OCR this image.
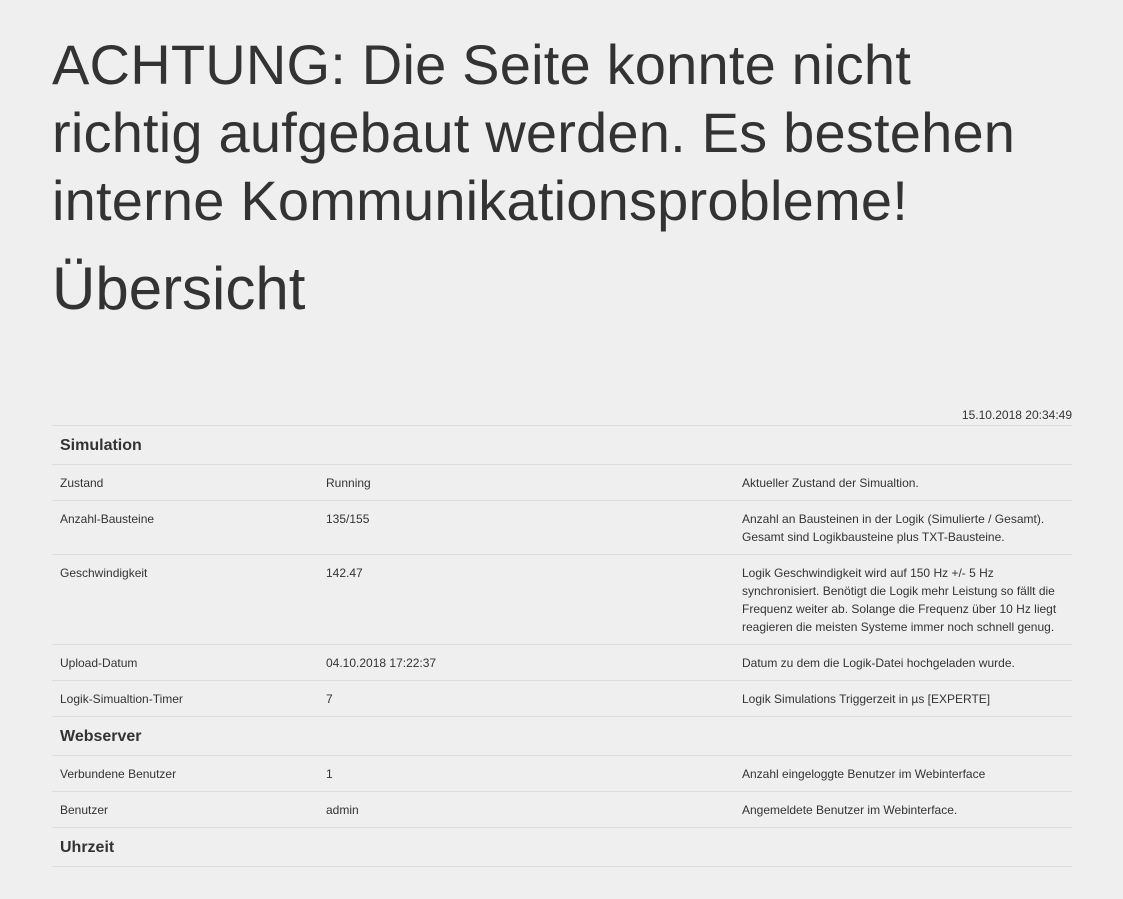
ACHTUNG: Die Seite konnte nicht richtig aufgebaut werden. Es bestehen interne Kommunikationsprobleme!
Übersicht
15.10.2018 20:34:49
Simulation
Zustand	Running	Aktueller Zustand der Simualtion.
Anzahl-Bausteine	135/155	Anzahl an Bausteinen in der Logik (Simulierte / Gesamt). Gesamt sind Logikbausteine plus TXT-Bausteine.
Geschwindigkeit	142.47	Logik Geschwindigkeit wird auf 150 Hz +/- 5 Hz synchronisiert. Benötigt die Logik mehr Leistung so fällt die Frequenz weiter ab. Solange die Frequenz über 10 Hz liegt reagieren die meisten Systeme immer noch schnell genug.
Upload-Datum	04.10.2018 17:22:37	Datum zu dem die Logik-Datei hochgeladen wurde.
Logik-Simualtion-Timer	7	Logik Simulations Triggerzeit in µs [EXPERTE]
Webserver
Verbundene Benutzer	1	Anzahl eingeloggte Benutzer im Webinterface
Benutzer	admin	Angemeldete Benutzer im Webinterface.
Uhrzeit
